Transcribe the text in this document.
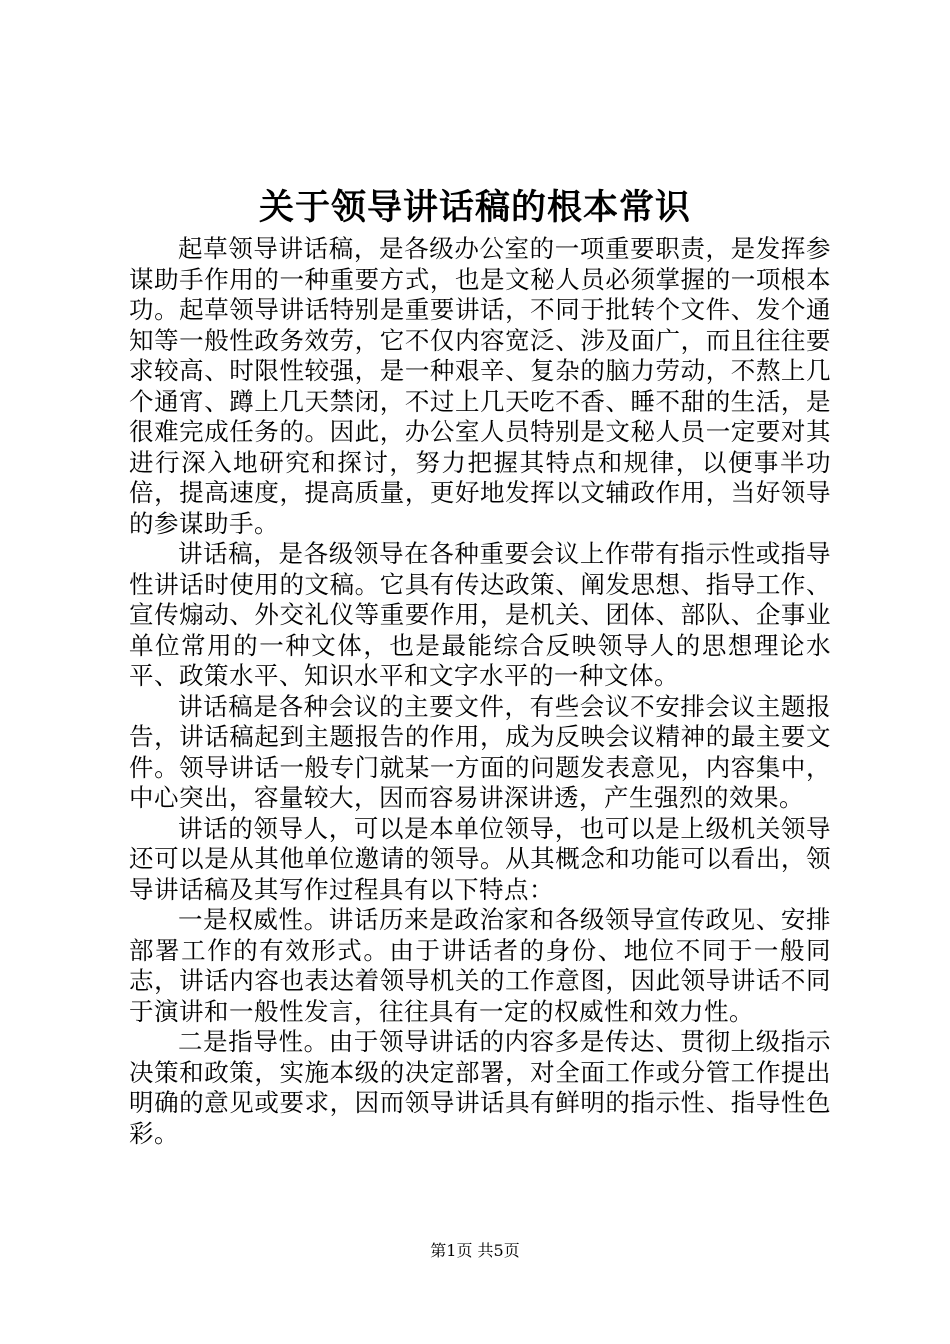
关于领导讲话稿的根本常识

起草领导讲话稿，是各级办公室的一项重要职责，是发挥参谋助手作用的一种重要方式，也是文秘人员必须掌握的一项根本功。起草领导讲话特别是重要讲话，不同于批转个文件、发个通知等一般性政务效劳，它不仅内容宽泛、涉及面广，而且往往要求较高、时限性较强，是一种艰辛、复杂的脑力劳动，不熬上几个通宵、蹲上几天禁闭，不过上几天吃不香、睡不甜的生活，是很难完成任务的。因此，办公室人员特别是文秘人员一定要对其进行深入地研究和探讨，努力把握其特点和规律，以便事半功倍，提高速度，提高质量，更好地发挥以文辅政作用，当好领导的参谋助手。

讲话稿，是各级领导在各种重要会议上作带有指示性或指导性讲话时使用的文稿。它具有传达政策、阐发思想、指导工作、宣传煽动、外交礼仪等重要作用，是机关、团体、部队、企事业单位常用的一种文体，也是最能综合反映领导人的思想理论水平、政策水平、知识水平和文字水平的一种文体。

讲话稿是各种会议的主要文件，有些会议不安排会议主题报告，讲话稿起到主题报告的作用，成为反映会议精神的最主要文件。领导讲话一般专门就某一方面的问题发表意见，内容集中，中心突出，容量较大，因而容易讲深讲透，产生强烈的效果。

讲话的领导人，可以是本单位领导，也可以是上级机关领导还可以是从其他单位邀请的领导。从其概念和功能可以看出，领导讲话稿及其写作过程具有以下特点：

一是权威性。讲话历来是政治家和各级领导宣传政见、安排部署工作的有效形式。由于讲话者的身份、地位不同于一般同志，讲话内容也表达着领导机关的工作意图，因此领导讲话不同于演讲和一般性发言，往往具有一定的权威性和效力性。

二是指导性。由于领导讲话的内容多是传达、贯彻上级指示决策和政策，实施本级的决定部署，对全面工作或分管工作提出明确的意见或要求，因而领导讲话具有鲜明的指示性、指导性色彩。

第1页 共5页
